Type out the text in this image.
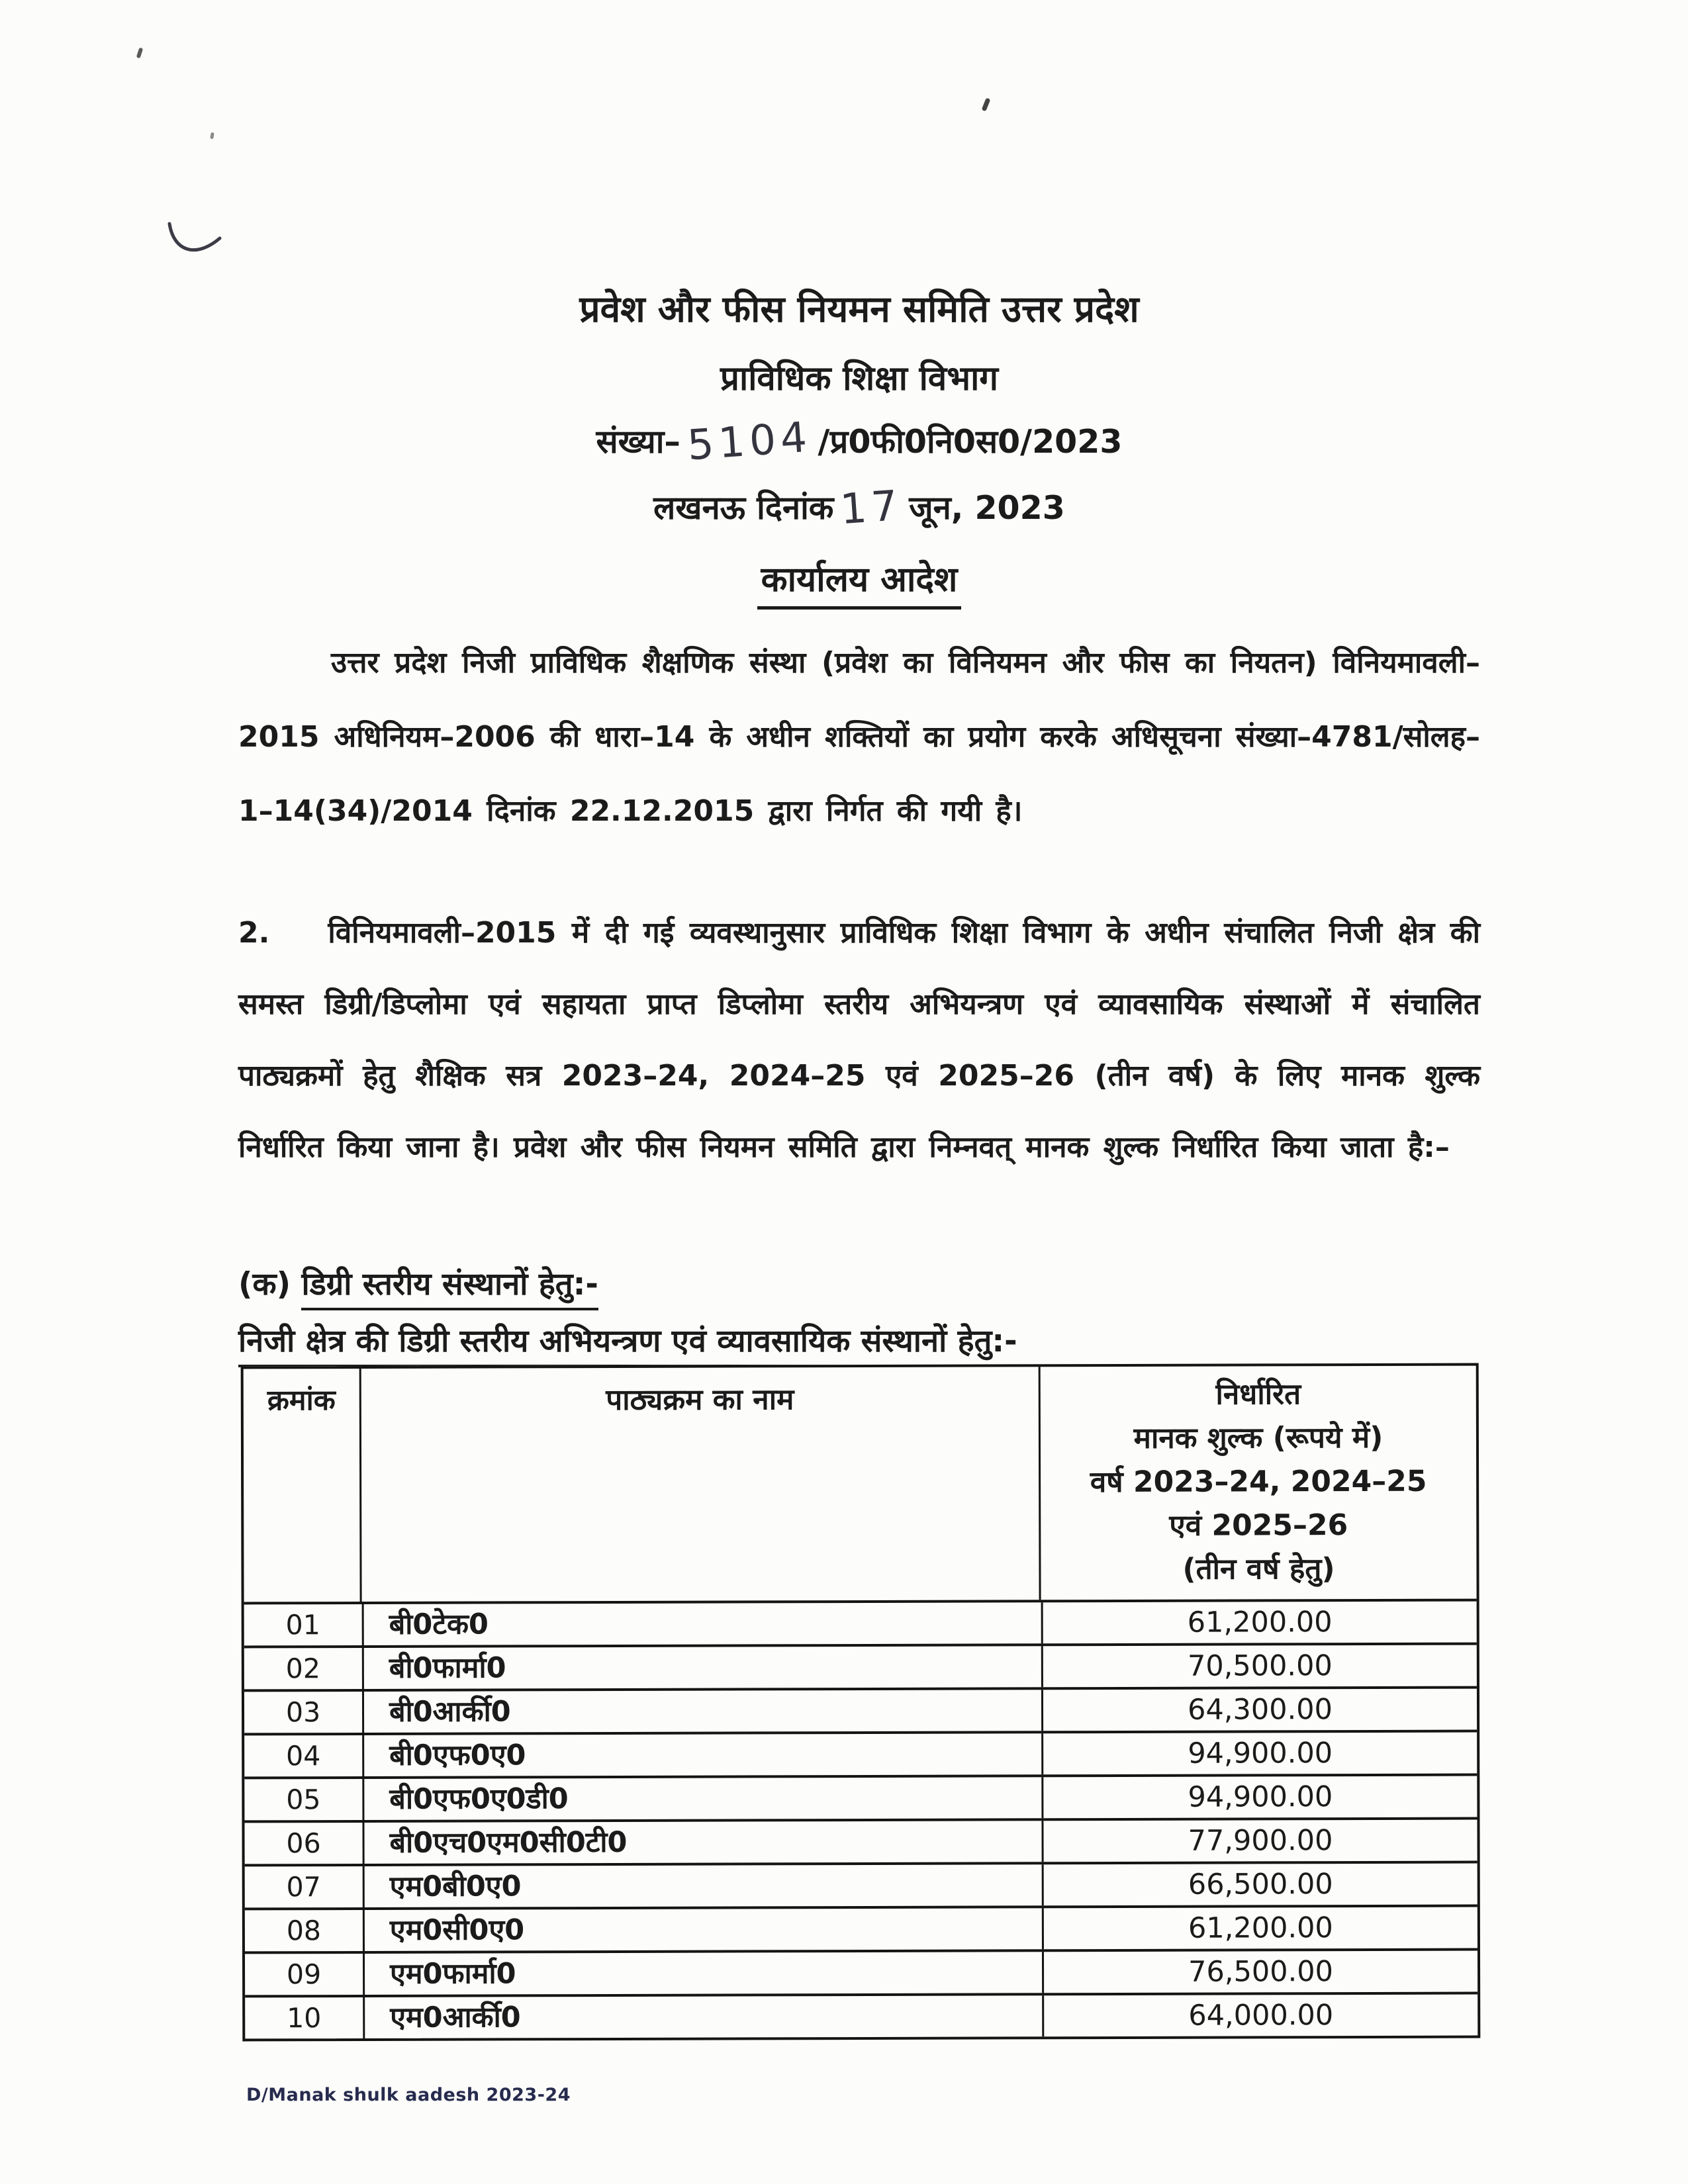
प्रवेश और फीस नियमन समिति उत्तर प्रदेश
प्राविधिक शिक्षा विभाग
संख्या– 5104 /प्र0फी0नि0स0/2023
लखनऊ दिनांक 17 जून, 2023
कार्यालय आदेश
उत्तर प्रदेश निजी प्राविधिक शैक्षणिक संस्था (प्रवेश का विनियमन और फीस का नियतन) विनियमावली–2015 अधिनियम–2006 की धारा–14 के अधीन शक्तियों का प्रयोग करके अधिसूचना संख्या–4781/सोलह–1–14(34)/2014 दिनांक 22.12.2015 द्वारा निर्गत की गयी है।
2. विनियमावली–2015 में दी गई व्यवस्थानुसार प्राविधिक शिक्षा विभाग के अधीन संचालित निजी क्षेत्र की समस्त डिग्री/डिप्लोमा एवं सहायता प्राप्त डिप्लोमा स्तरीय अभियन्त्रण एवं व्यावसायिक संस्थाओं में संचालित पाठ्यक्रमों हेतु शैक्षिक सत्र 2023–24, 2024–25 एवं 2025–26 (तीन वर्ष) के लिए मानक शुल्क निर्धारित किया जाना है। प्रवेश और फीस नियमन समिति द्वारा निम्नवत् मानक शुल्क निर्धारित किया जाता है:–
(क) डिग्री स्तरीय संस्थानों हेतु:-
निजी क्षेत्र की डिग्री स्तरीय अभियन्त्रण एवं व्यावसायिक संस्थानों हेतु:-
क्रमांक	पाठ्यक्रम का नाम	निर्धारित
मानक शुल्क (रूपये में)
वर्ष 2023–24, 2024–25
एवं 2025–26
(तीन वर्ष हेतु)
01	बी0टेक0	61,200.00
02	बी0फार्मा0	70,500.00
03	बी0आर्की0	64,300.00
04	बी0एफ0ए0	94,900.00
05	बी0एफ0ए0डी0	94,900.00
06	बी0एच0एम0सी0टी0	77,900.00
07	एम0बी0ए0	66,500.00
08	एम0सी0ए0	61,200.00
09	एम0फार्मा0	76,500.00
10	एम0आर्की0	64,000.00
D/Manak shulk aadesh 2023-24
